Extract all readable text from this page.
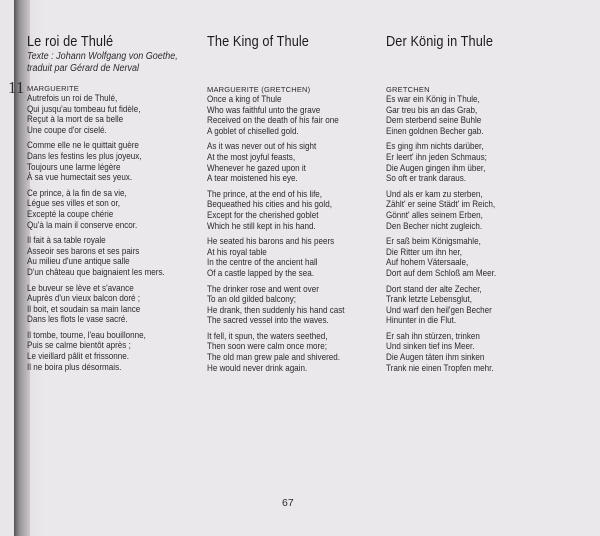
11
Le roi de Thulé
Texte : Johann Wolfgang von Goethe,
traduit par Gérard de Nerval
MARGUERITE
Autrefois un roi de Thulé,
Qui jusqu'au tombeau fut fidèle,
Reçut à la mort de sa belle
Une coupe d'or ciselé.
Comme elle ne le quittait guère
Dans les festins les plus joyeux,
Toujours une larme légère
À sa vue humectait ses yeux.
Ce prince, à la fin de sa vie,
Légue ses villes et son or,
Excepté la coupe chérie
Qu'à la main il conserve encor.
Il fait à sa table royale
Asseoir ses barons et ses pairs
Au milieu d'une antique salle
D'un château que baignaient les mers.
Le buveur se lève et s'avance
Auprès d'un vieux balcon doré ;
Il boit, et soudain sa main lance
Dans les flots le vase sacré.
Il tombe, tourne, l'eau bouillonne,
Puis se calme bientôt après ;
Le vieillard pâlit et frissonne.
Il ne boira plus désormais.
The King of Thule
MARGUERITE (GRETCHEN)
Once a king of Thule
Who was faithful unto the grave
Received on the death of his fair one
A goblet of chiselled gold.
As it was never out of his sight
At the most joyful feasts,
Whenever he gazed upon it
A tear moistened his eye.
The prince, at the end of his life,
Bequeathed his cities and his gold,
Except for the cherished goblet
Which he still kept in his hand.
He seated his barons and his peers
At his royal table
In the centre of the ancient hall
Of a castle lapped by the sea.
The drinker rose and went over
To an old gilded balcony;
He drank, then suddenly his hand cast
The sacred vessel into the waves.
It fell, it spun, the waters seethed,
Then soon were calm once more;
The old man grew pale and shivered.
He would never drink again.
Der König in Thule
GRETCHEN
Es war ein König in Thule,
Gar treu bis an das Grab,
Dem sterbend seine Buhle
Einen goldnen Becher gab.
Es ging ihm nichts darüber,
Er leert' ihn jeden Schmaus;
Die Augen gingen ihm über,
So oft er trank daraus.
Und als er kam zu sterben,
Zählt' er seine Städt' im Reich,
Gönnt' alles seinem Erben,
Den Becher nicht zugleich.
Er saß beim Königsmahle,
Die Ritter um ihn her,
Auf hohem Vätersaale,
Dort auf dem Schloß am Meer.
Dort stand der alte Zecher,
Trank letzte Lebensglut,
Und warf den heil'gen Becher
Hinunter in die Flut.
Er sah ihn stürzen, trinken
Und sinken tief ins Meer.
Die Augen täten ihm sinken
Trank nie einen Tropfen mehr.
67
